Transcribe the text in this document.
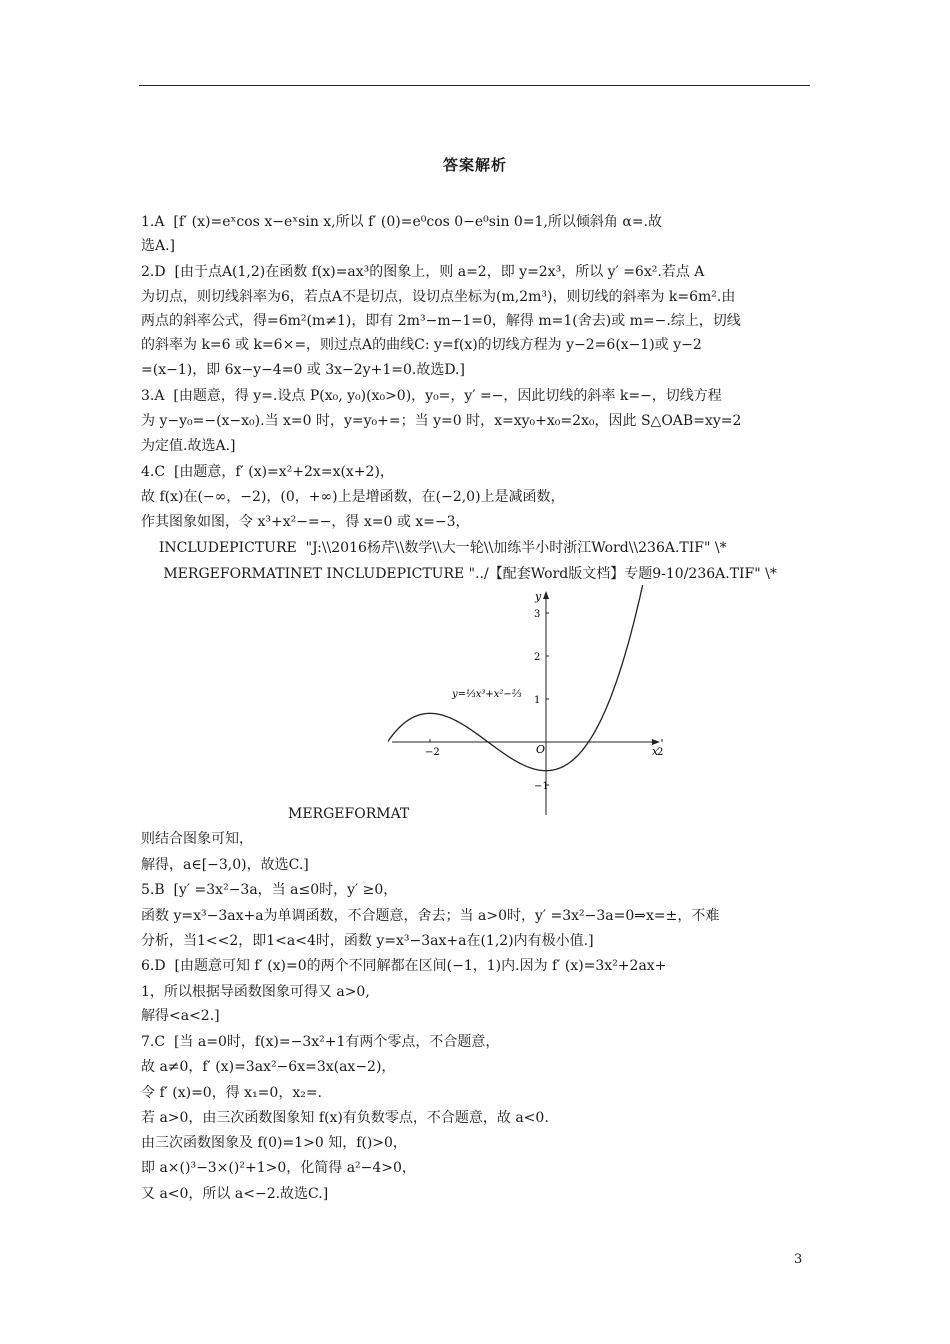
答案解析
1.A  [f′ (x)=eˣcos x−eˣsin x,所以 f′ (0)=e⁰cos 0−e⁰sin 0=1,所以倾斜角 α=.故
选A.]
2.D  [由于点A(1,2)在函数 f(x)=ax³的图象上，则 a=2，即 y=2x³，所以 y′ =6x².若点 A
为切点，则切线斜率为6，若点A不是切点，设切点坐标为(m,2m³)，则切线的斜率为 k=6m².由
两点的斜率公式，得=6m²(m≠1)，即有 2m³−m−1=0，解得 m=1(舍去)或 m=−.综上，切线
的斜率为 k=6 或 k=6×=，则过点A的曲线C: y=f(x)的切线方程为 y−2=6(x−1)或 y−2
=(x−1)，即 6x−y−4=0 或 3x−2y+1=0.故选D.]
3.A  [由题意，得 y=.设点 P(x₀, y₀)(x₀>0)，y₀=，y′ =−，因此切线的斜率 k=−，切线方程
为 y−y₀=−(x−x₀).当 x=0 时，y=y₀+=；当 y=0 时，x=xy₀+x₀=2x₀，因此 S△OAB=xy=2
为定值.故选A.]
4.C  [由题意，f′ (x)=x²+2x=x(x+2)，
故 f(x)在(−∞，−2)，(0，+∞)上是增函数，在(−2,0)上是减函数，
作其图象如图，令 x³+x²−=−，得 x=0 或 x=−3，
INCLUDEPICTURE  "J:\\2016杨芹\\数学\\大一轮\\加练半小时浙江Word\\236A.TIF" \*
MERGEFORMATINET INCLUDEPICTURE "../【配套Word版文档】专题9-10/236A.TIF" \*
MERGEFORMAT
则结合图象可知，
解得，a∈[−3,0)，故选C.]
5.B  [y′ =3x²−3a，当 a≤0时，y′ ≥0，
函数 y=x³−3ax+a为单调函数，不合题意，舍去；当 a>0时，y′ =3x²−3a=0⇒x=±，不难
分析，当1<<2，即1<a<4时，函数 y=x³−3ax+a在(1,2)内有极小值.]
6.D  [由题意可知 f′ (x)=0的两个不同解都在区间(−1，1)内.因为 f′ (x)=3x²+2ax+
1，所以根据导函数图象可得又 a>0,
解得<a<2.]
7.C  [当 a=0时，f(x)=−3x²+1有两个零点，不合题意，
故 a≠0，f′ (x)=3ax²−6x=3x(ax−2)，
令 f′ (x)=0，得 x₁=0，x₂=.
若 a>0，由三次函数图象知 f(x)有负数零点，不合题意，故 a<0.
由三次函数图象及 f(0)=1>0 知，f()>0，
即 a×()³−3×()²+1>0，化简得 a²−4>0，
又 a<0，所以 a<−2.故选C.]
x
y
O
−2	2
3
2
1
−1
y=⅓x³+x²−⅔
3
